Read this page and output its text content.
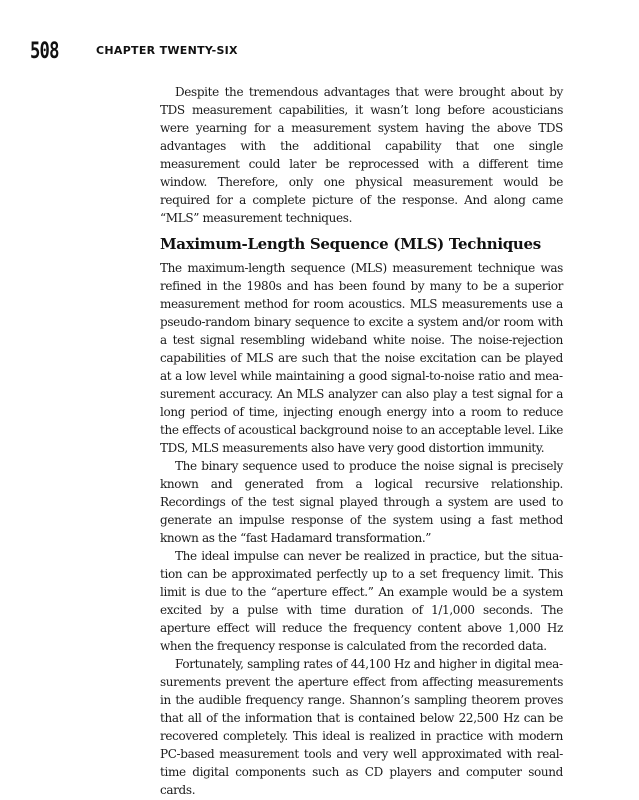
508	CHAPTER TWENTY-SIX

Despite the tremendous advantages that were brought about by TDS measurement capabilities, it wasn’t long before acousticians were yearning for a measurement system having the above TDS advantages with the additional capability that one single measurement could later be reprocessed with a different time window. Therefore, only one physical measurement would be required for a complete picture of the response. And along came “MLS” measurement techniques.

Maximum-Length Sequence (MLS) Techniques

The maximum-length sequence (MLS) measurement technique was refined in the 1980s and has been found by many to be a superior measurement method for room acoustics. MLS measurements use a pseudo-random binary sequence to excite a system and/or room with a test signal resembling wideband white noise. The noise-rejection capabilities of MLS are such that the noise excitation can be played at a low level while maintaining a good signal-to-noise ratio and measurement accuracy. An MLS analyzer can also play a test signal for a long period of time, injecting enough energy into a room to reduce the effects of acoustical background noise to an acceptable level. Like TDS, MLS measurements also have very good distortion immunity.

The binary sequence used to produce the noise signal is precisely known and generated from a logical recursive relationship. Recordings of the test signal played through a system are used to generate an impulse response of the system using a fast method known as the “fast Hadamard transformation.”

The ideal impulse can never be realized in practice, but the situation can be approximated perfectly up to a set frequency limit. This limit is due to the “aperture effect.” An example would be a system excited by a pulse with time duration of 1/1,000 seconds. The aperture effect will reduce the frequency content above 1,000 Hz when the frequency response is calculated from the recorded data.

Fortunately, sampling rates of 44,100 Hz and higher in digital measurements prevent the aperture effect from affecting measurements in the audible frequency range. Shannon’s sampling theorem proves that all of the information that is contained below 22,500 Hz can be recovered completely. This ideal is realized in practice with modern PC-based measurement tools and very well approximated with real-time digital components such as CD players and computer sound cards.
